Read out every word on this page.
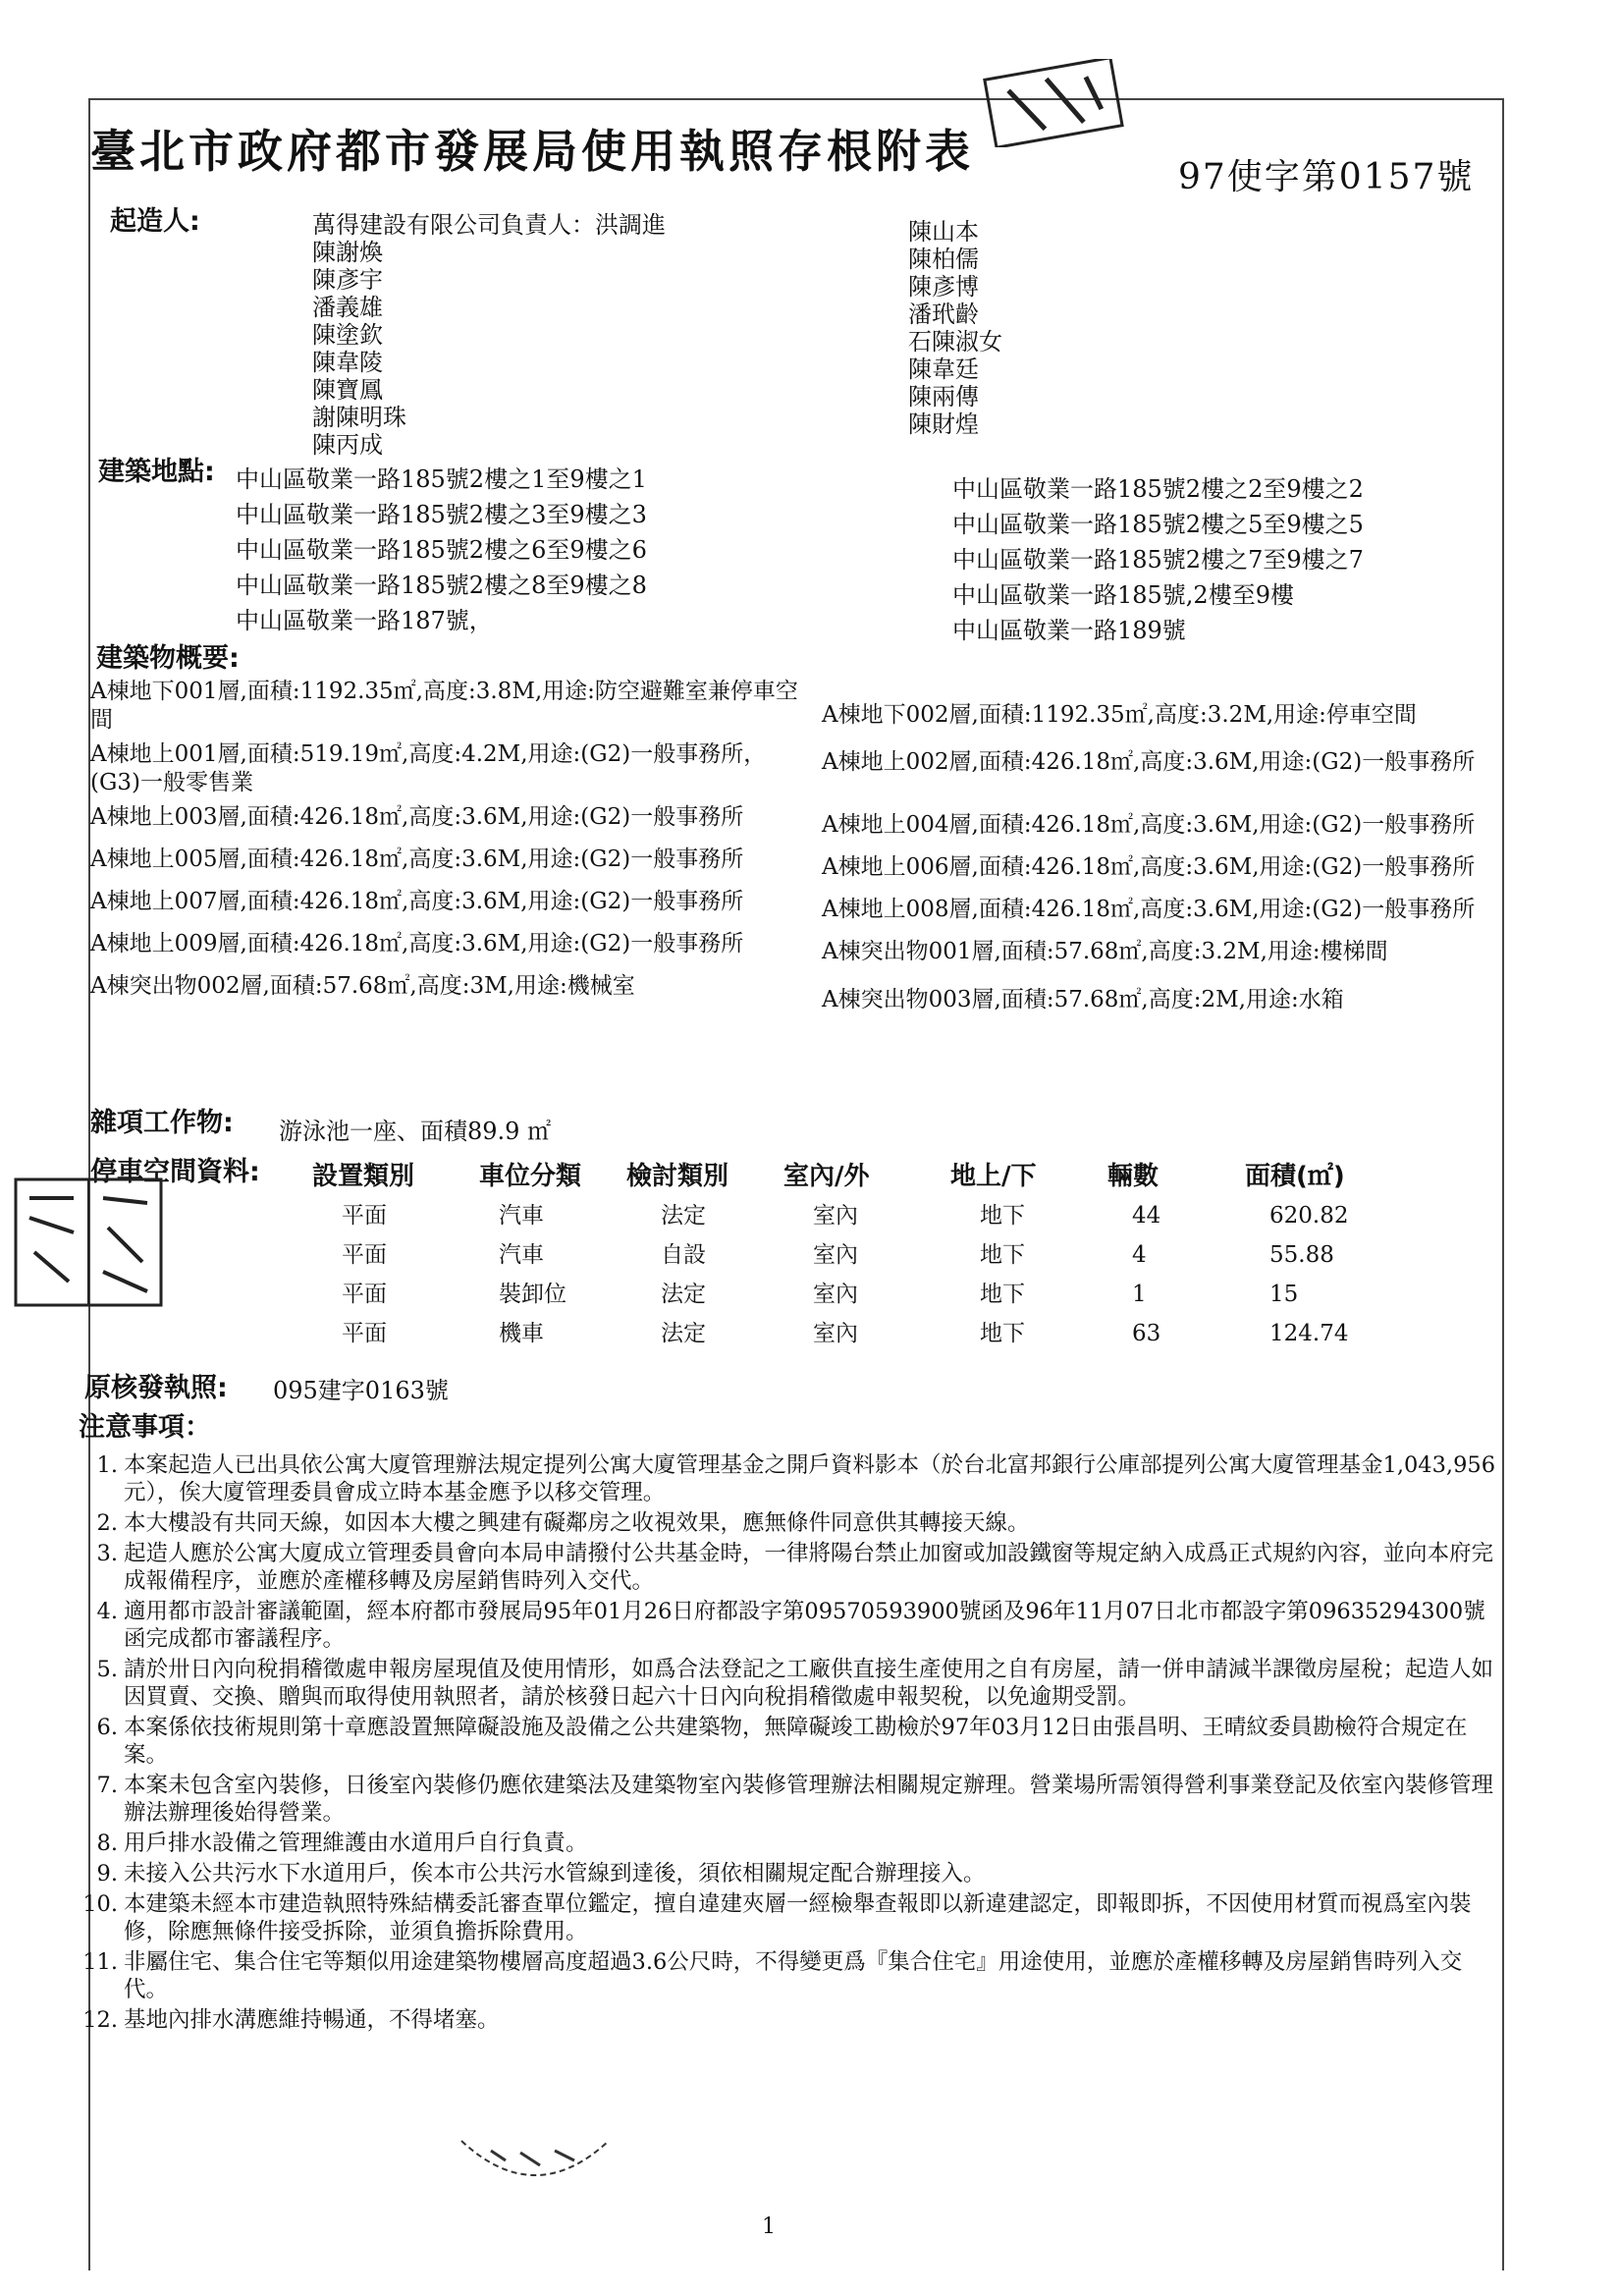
臺北市政府都市發展局使用執照存根附表	97使字第0157號
起造人:	萬得建設有限公司負責人：洪調進
陳謝煥
陳彥宇
潘義雄
陳塗欽
陳韋陵
陳寶鳳
謝陳明珠
陳丙成
陳山本
陳柏儒
陳彥博
潘玳齡
石陳淑女
陳韋廷
陳兩傳
陳財煌
建築地點: 中山區敬業一路185號2樓之1至9樓之1
中山區敬業一路185號2樓之3至9樓之3
中山區敬業一路185號2樓之6至9樓之6
中山區敬業一路185號2樓之8至9樓之8
中山區敬業一路187號，
中山區敬業一路185號2樓之2至9樓之2
中山區敬業一路185號2樓之5至9樓之5
中山區敬業一路185號2樓之7至9樓之7
中山區敬業一路185號,2樓至9樓
中山區敬業一路189號
建築物概要:
A棟地下001層,面積:1192.35㎡,高度:3.8M,用途:防空避難室兼停車空間	A棟地下002層,面積:1192.35㎡,高度:3.2M,用途:停車空間
A棟地上001層,面積:519.19㎡,高度:4.2M,用途:(G2)一般事務所，(G3)一般零售業
A棟地上002層,面積:426.18㎡,高度:3.6M,用途:(G2)一般事務所
A棟地上003層,面積:426.18㎡,高度:3.6M,用途:(G2)一般事務所	A棟地上004層,面積:426.18㎡,高度:3.6M,用途:(G2)一般事務所
A棟地上005層,面積:426.18㎡,高度:3.6M,用途:(G2)一般事務所	A棟地上006層,面積:426.18㎡,高度:3.6M,用途:(G2)一般事務所
A棟地上007層,面積:426.18㎡,高度:3.6M,用途:(G2)一般事務所	A棟地上008層,面積:426.18㎡,高度:3.6M,用途:(G2)一般事務所
A棟地上009層,面積:426.18㎡,高度:3.6M,用途:(G2)一般事務所	A棟突出物001層,面積:57.68㎡,高度:3.2M,用途:樓梯間
A棟突出物002層,面積:57.68㎡,高度:3M,用途:機械室
A棟突出物003層,面積:57.68㎡,高度:2M,用途:水箱
雜項工作物: 游泳池一座、面積89.9 ㎡
停車空間資料: 設置類別	車位分類	檢討類別	室內/外	地上/下	輛數	面積(㎡)
平面	汽車	法定	室內	地下	44	620.82
平面	汽車	自設	室內	地下	4	55.88
平面	裝卸位	法定	室內	地下	1	15
平面	機車	法定	室內	地下	63	124.74
原核發執照: 095建字0163號
注意事項：
1. 本案起造人已出具依公寓大廈管理辦法規定提列公寓大廈管理基金之開戶資料影本（於台北富邦銀行公庫部提列公寓大廈管理基金1,043,956元），俟大廈管理委員會成立時本基金應予以移交管理。
2. 本大樓設有共同天線，如因本大樓之興建有礙鄰房之收視效果，應無條件同意供其轉接天線。
3. 起造人應於公寓大廈成立管理委員會向本局申請撥付公共基金時，一律將陽台禁止加窗或加設鐵窗等規定納入成爲正式規約內容，並向本府完成報備程序，並應於產權移轉及房屋銷售時列入交代。
4. 適用都市設計審議範圍，經本府都市發展局95年01月26日府都設字第09570593900號函及96年11月07日北市都設字第09635294300號函完成都市審議程序。
5. 請於卅日內向稅捐稽徵處申報房屋現值及使用情形，如爲合法登記之工廠供直接生產使用之自有房屋，請一併申請減半課徵房屋稅；起造人如因買賣、交換、贈與而取得使用執照者，請於核發日起六十日內向稅捐稽徵處申報契稅，以免逾期受罰。
6. 本案係依技術規則第十章應設置無障礙設施及設備之公共建築物，無障礙竣工勘檢於97年03月12日由張昌明、王晴紋委員勘檢符合規定在案。
7. 本案未包含室內裝修，日後室內裝修仍應依建築法及建築物室內裝修管理辦法相關規定辦理。營業場所需領得營利事業登記及依室內裝修管理辦法辦理後始得營業。
8. 用戶排水設備之管理維護由水道用戶自行負責。
9. 未接入公共污水下水道用戶，俟本市公共污水管線到達後，須依相關規定配合辦理接入。
10. 本建築未經本市建造執照特殊結構委託審查單位鑑定，擅自違建夾層一經檢舉查報即以新違建認定，即報即拆，不因使用材質而視爲室內裝修，除應無條件接受拆除，並須負擔拆除費用。
11. 非屬住宅、集合住宅等類似用途建築物樓層高度超過3.6公尺時，不得變更爲『集合住宅』用途使用，並應於產權移轉及房屋銷售時列入交代。
12. 基地內排水溝應維持暢通，不得堵塞。
1
